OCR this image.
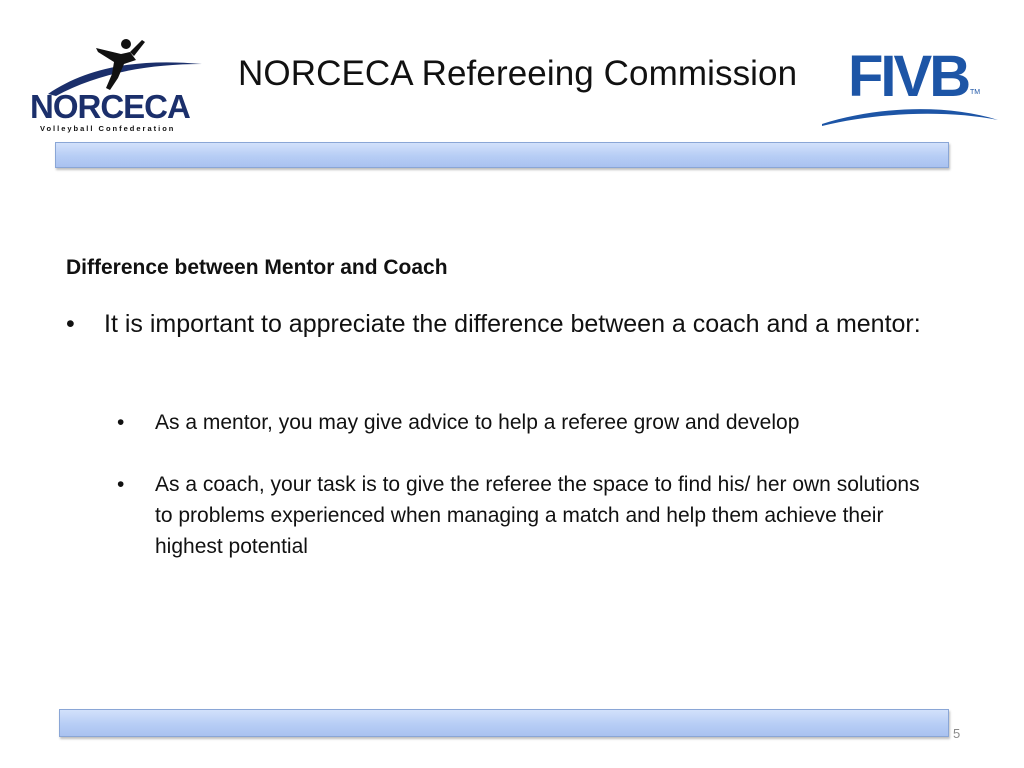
NORCECA
Volleyball Confederation
NORCECA Refereeing Commission FIVB TM
Difference between Mentor and Coach
• It is important to appreciate the difference between a coach and a mentor:
• As a mentor, you may give advice to help a referee grow and develop
• As a coach, your task is to give the referee the space to find his/ her own solutions to problems experienced when managing a match and help them achieve their highest potential
5
